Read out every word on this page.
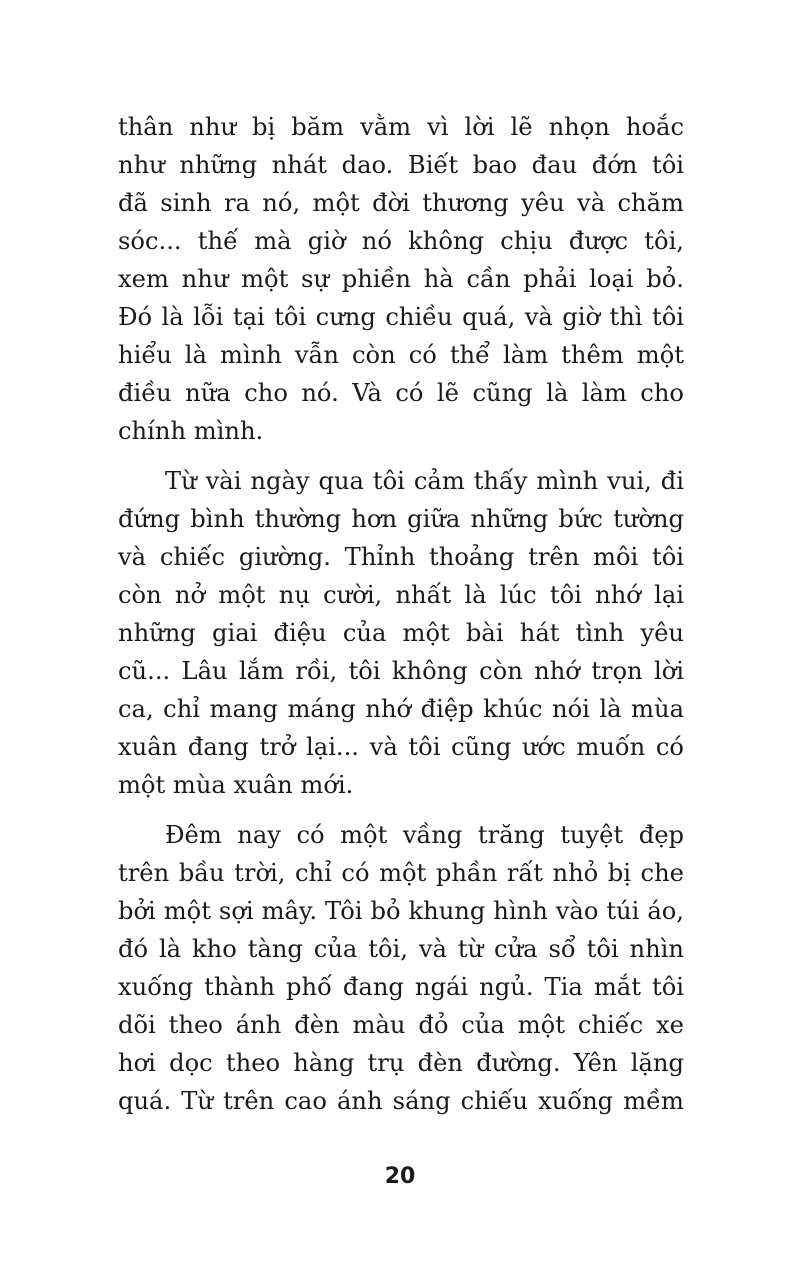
thân như bị băm vằm vì lời lẽ nhọn hoắc
như những nhát dao. Biết bao đau đớn tôi
đã sinh ra nó, một đời thương yêu và chăm
sóc... thế mà giờ nó không chịu được tôi,
xem như một sự phiền hà cần phải loại bỏ.
Đó là lỗi tại tôi cưng chiều quá, và giờ thì tôi
hiểu là mình vẫn còn có thể làm thêm một
điều nữa cho nó. Và có lẽ cũng là làm cho
chính mình.
Từ vài ngày qua tôi cảm thấy mình vui, đi
đứng bình thường hơn giữa những bức tường
và chiếc giường. Thỉnh thoảng trên môi tôi
còn nở một nụ cười, nhất là lúc tôi nhớ lại
những giai điệu của một bài hát tình yêu
cũ... Lâu lắm rồi, tôi không còn nhớ trọn lời
ca, chỉ mang máng nhớ điệp khúc nói là mùa
xuân đang trở lại... và tôi cũng ước muốn có
một mùa xuân mới.
Đêm nay có một vầng trăng tuyệt đẹp
trên bầu trời, chỉ có một phần rất nhỏ bị che
bởi một sợi mây. Tôi bỏ khung hình vào túi áo,
đó là kho tàng của tôi, và từ cửa sổ tôi nhìn
xuống thành phố đang ngái ngủ. Tia mắt tôi
dõi theo ánh đèn màu đỏ của một chiếc xe
hơi dọc theo hàng trụ đèn đường. Yên lặng
quá. Từ trên cao ánh sáng chiếu xuống mềm
20
